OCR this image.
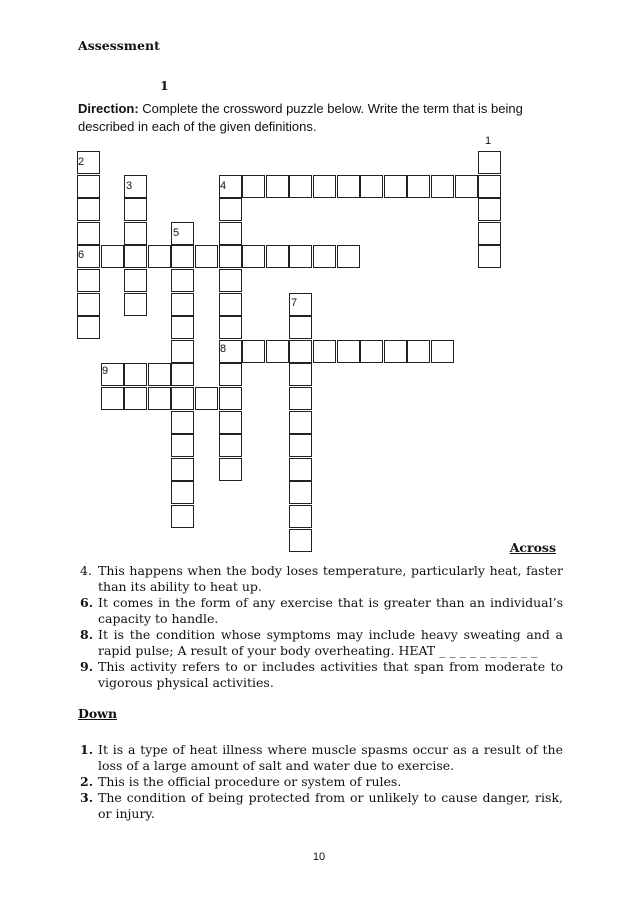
Assessment
1
Direction: Complete the crossword puzzle below. Write the term that is being described in each of the given definitions.
1
2
3	4
5
6
7
8
9
Across
4. This happens when the body loses temperature, particularly heat, faster than its ability to heat up.
6. It comes in the form of any exercise that is greater than an individual’s capacity to handle.
8. It is the condition whose symptoms may include heavy sweating and a rapid pulse; A result of your body overheating. HEAT _ _ _ _ _ _ _ _ _ _
9. This activity refers to or includes activities that span from moderate to vigorous physical activities.
Down
1. It is a type of heat illness where muscle spasms occur as a result of the loss of a large amount of salt and water due to exercise.
2. This is the official procedure or system of rules.
3. The condition of being protected from or unlikely to cause danger, risk, or injury.
10
